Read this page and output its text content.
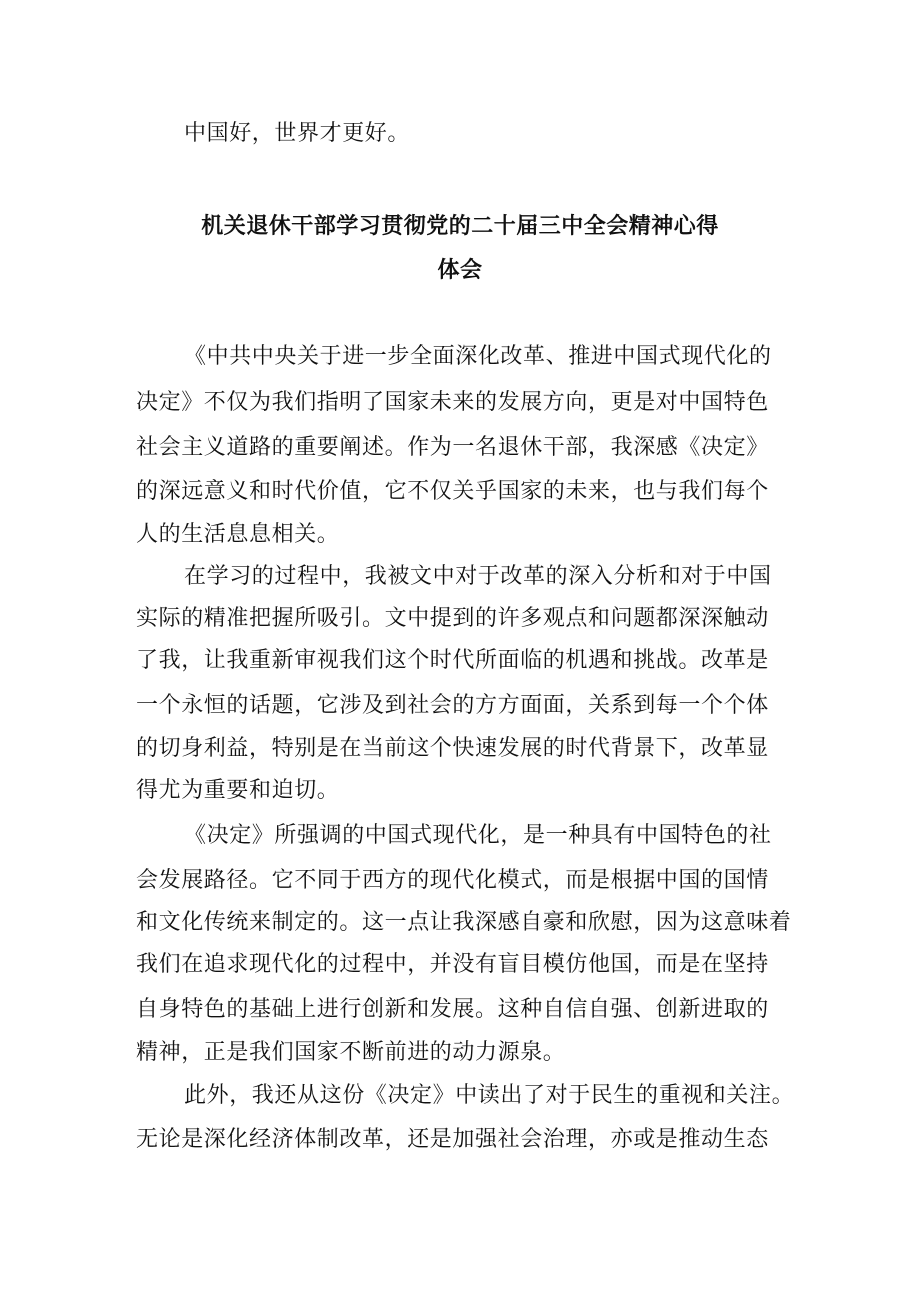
中国好，世界才更好。
机关退休干部学习贯彻党的二十届三中全会精神心得
体会
《中共中央关于进一步全面深化改革、推进中国式现代化的
决定》不仅为我们指明了国家未来的发展方向，更是对中国特色
社会主义道路的重要阐述。作为一名退休干部，我深感《决定》
的深远意义和时代价值，它不仅关乎国家的未来，也与我们每个
人的生活息息相关。
在学习的过程中，我被文中对于改革的深入分析和对于中国
实际的精准把握所吸引。文中提到的许多观点和问题都深深触动
了我，让我重新审视我们这个时代所面临的机遇和挑战。改革是
一个永恒的话题，它涉及到社会的方方面面，关系到每一个个体
的切身利益，特别是在当前这个快速发展的时代背景下，改革显
得尤为重要和迫切。
《决定》所强调的中国式现代化，是一种具有中国特色的社
会发展路径。它不同于西方的现代化模式，而是根据中国的国情
和文化传统来制定的。这一点让我深感自豪和欣慰，因为这意味着
我们在追求现代化的过程中，并没有盲目模仿他国，而是在坚持
自身特色的基础上进行创新和发展。这种自信自强、创新进取的
精神，正是我们国家不断前进的动力源泉。
此外，我还从这份《决定》中读出了对于民生的重视和关注。
无论是深化经济体制改革，还是加强社会治理，亦或是推动生态
